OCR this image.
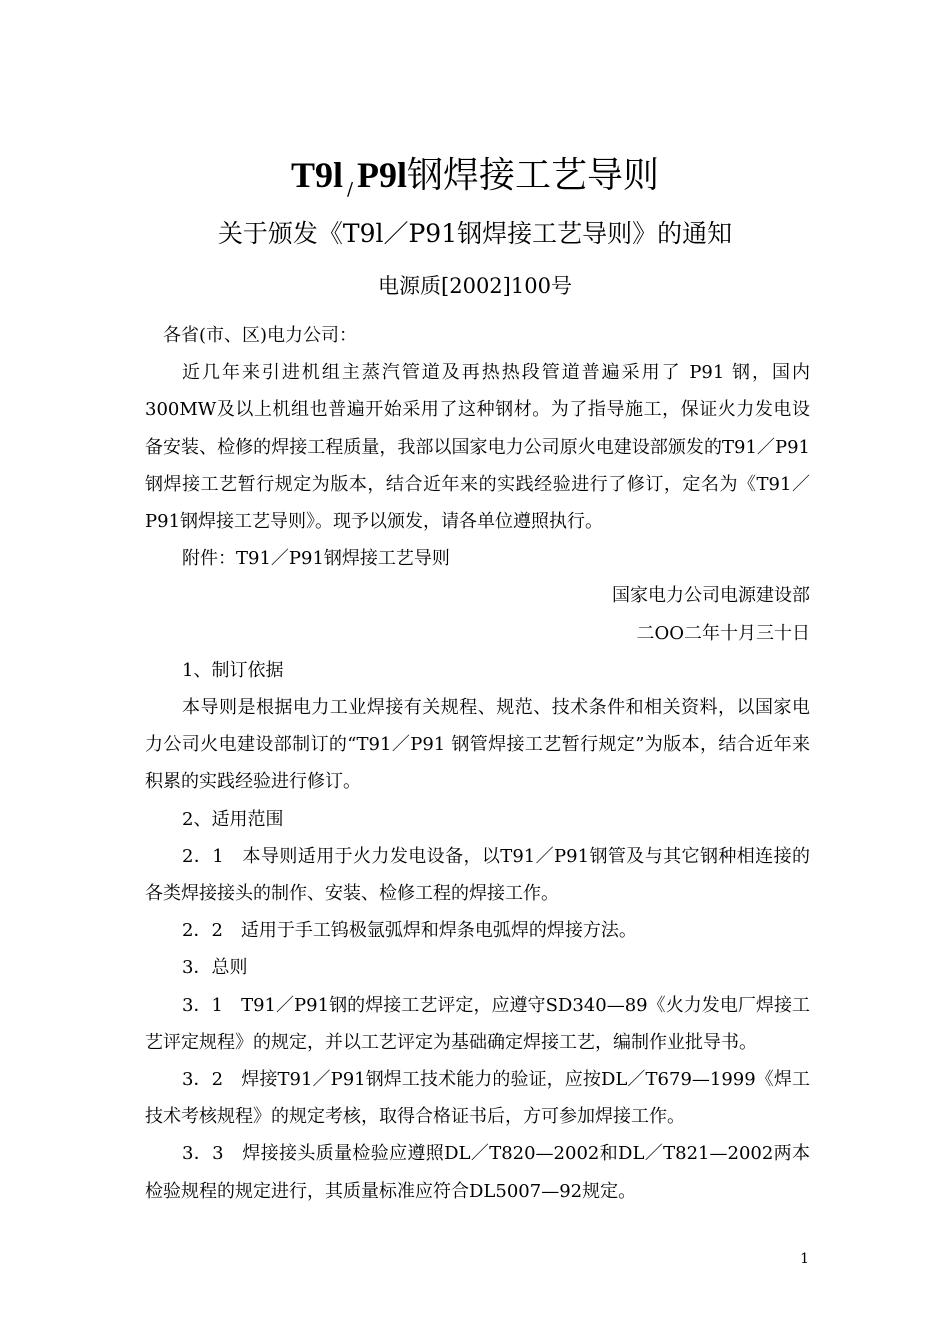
T9l $_/$ P9l钢焊接工艺导则
关于颁发《T9l／P91钢焊接工艺导则》的通知
电源质[2002]100号

各省(市、区)电力公司：

近几年来引进机组主蒸汽管道及再热热段管道普遍采用了 P91 钢，国内300MW及以上机组也普遍开始采用了这种钢材。为了指导施工，保证火力发电设备安装、检修的焊接工程质量，我部以国家电力公司原火电建设部颁发的T91／P91钢焊接工艺暂行规定为版本，结合近年来的实践经验进行了修订，定名为《T91／P91钢焊接工艺导则》。现予以颁发，请各单位遵照执行。

附件：T91／P91钢焊接工艺导则

国家电力公司电源建设部

二OO二年十月三十日

1、制订依据

本导则是根据电力工业焊接有关规程、规范、技术条件和相关资料，以国家电力公司火电建设部制订的“T91／P91 钢管焊接工艺暂行规定”为版本，结合近年来积累的实践经验进行修订。

2、适用范围

2．1　本导则适用于火力发电设备，以T91／P91钢管及与其它钢种相连接的各类焊接接头的制作、安装、检修工程的焊接工作。

2．2　适用于手工钨极氩弧焊和焊条电弧焊的焊接方法。

3．总则

3．1　T91／P91钢的焊接工艺评定，应遵守SD340—89《火力发电厂焊接工艺评定规程》的规定，并以工艺评定为基础确定焊接工艺，编制作业批导书。

3．2　焊接T91／P91钢焊工技术能力的验证，应按DL／T679—1999《焊工技术考核规程》的规定考核，取得合格证书后，方可参加焊接工作。

3．3　焊接接头质量检验应遵照DL／T820—2002和DL／T821—2002两本检验规程的规定进行，其质量标准应符合DL5007—92规定。

1
